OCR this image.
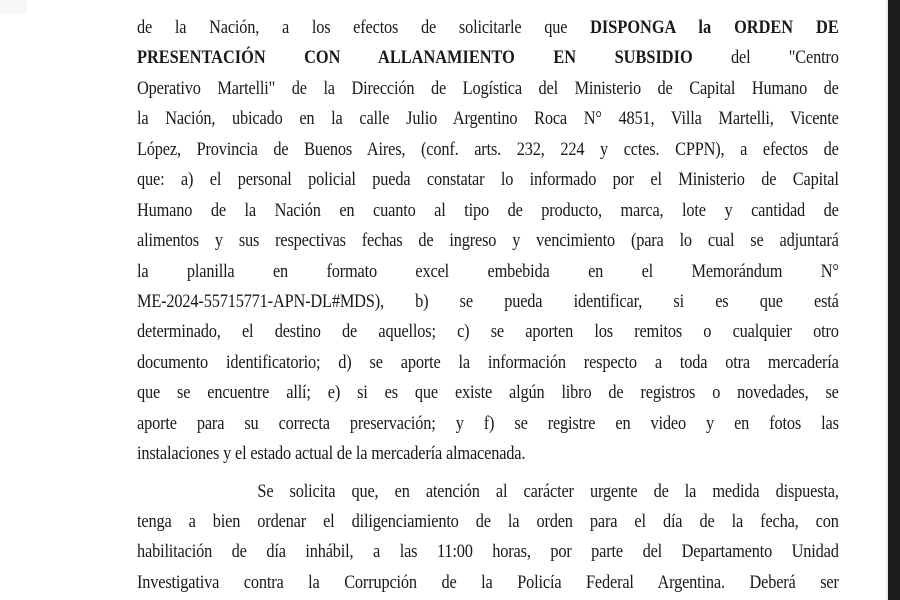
de la Nación, a los efectos de solicitarle que DISPONGA la ORDEN DE
PRESENTACIÓN CON ALLANAMIENTO EN SUBSIDIO del "Centro
Operativo Martelli" de la Dirección de Logística del Ministerio de Capital Humano de
la Nación, ubicado en la calle Julio Argentino Roca N° 4851, Villa Martelli, Vicente
López, Provincia de Buenos Aires, (conf. arts. 232, 224 y cctes. CPPN), a efectos de
que: a) el personal policial pueda constatar lo informado por el Ministerio de Capital
Humano de la Nación en cuanto al tipo de producto, marca, lote y cantidad de
alimentos y sus respectivas fechas de ingreso y vencimiento (para lo cual se adjuntará
la planilla en formato excel embebida en el Memorándum N°
ME-2024-55715771-APN-DL#MDS), b) se pueda identificar, si es que está
determinado, el destino de aquellos; c) se aporten los remitos o cualquier otro
documento identificatorio; d) se aporte la información respecto a toda otra mercadería
que se encuentre allí; e) si es que existe algún libro de registros o novedades, se
aporte para su correcta preservación; y f) se registre en video y en fotos las
instalaciones y el estado actual de la mercadería almacenada.
Se solicita que, en atención al carácter urgente de la medida dispuesta,
tenga a bien ordenar el diligenciamiento de la orden para el día de la fecha, con
habilitación de día inhábil, a las 11:00 horas, por parte del Departamento Unidad
Investigativa contra la Corrupción de la Policía Federal Argentina. Deberá ser
